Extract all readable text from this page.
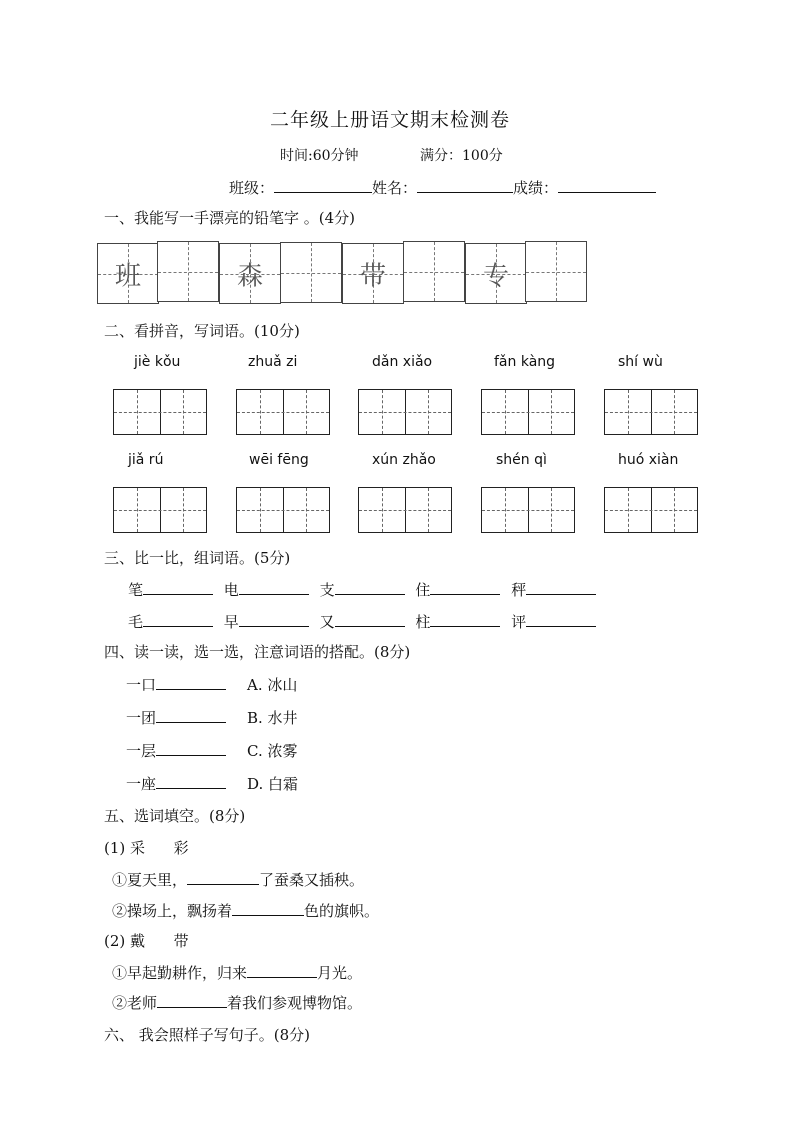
二年级上册语文期末检测卷
时间:60分钟	满分：100分
班级：	姓名：	成绩：
一、我能写一手漂亮的铅笔字 。(4分)
班	森	带	专
二、看拼音，写词语。(10分)
jiè kǒu	zhuǎ zi	dǎn xiǎo	fǎn kàng	shí wù
jiǎ rú	wēi fēng	xún zhǎo	shén qì	huó xiàn
三、比一比，组词语。(5分)
笔	电	支	住	秤
毛	早	又	柱	评
四、读一读，选一选，注意词语的搭配。(8分)
一口	A. 冰山
一团	B. 水井
一层	C. 浓雾
一座	D. 白霜
五、选词填空。(8分)
(1) 采      彩
①夏天里，	了蚕桑又插秧。
②操场上，飘扬着	色的旗帜。
(2) 戴      带
①早起勤耕作，归来	月光。
②老师	着我们参观博物馆。
六、 我会照样子写句子。(8分)
